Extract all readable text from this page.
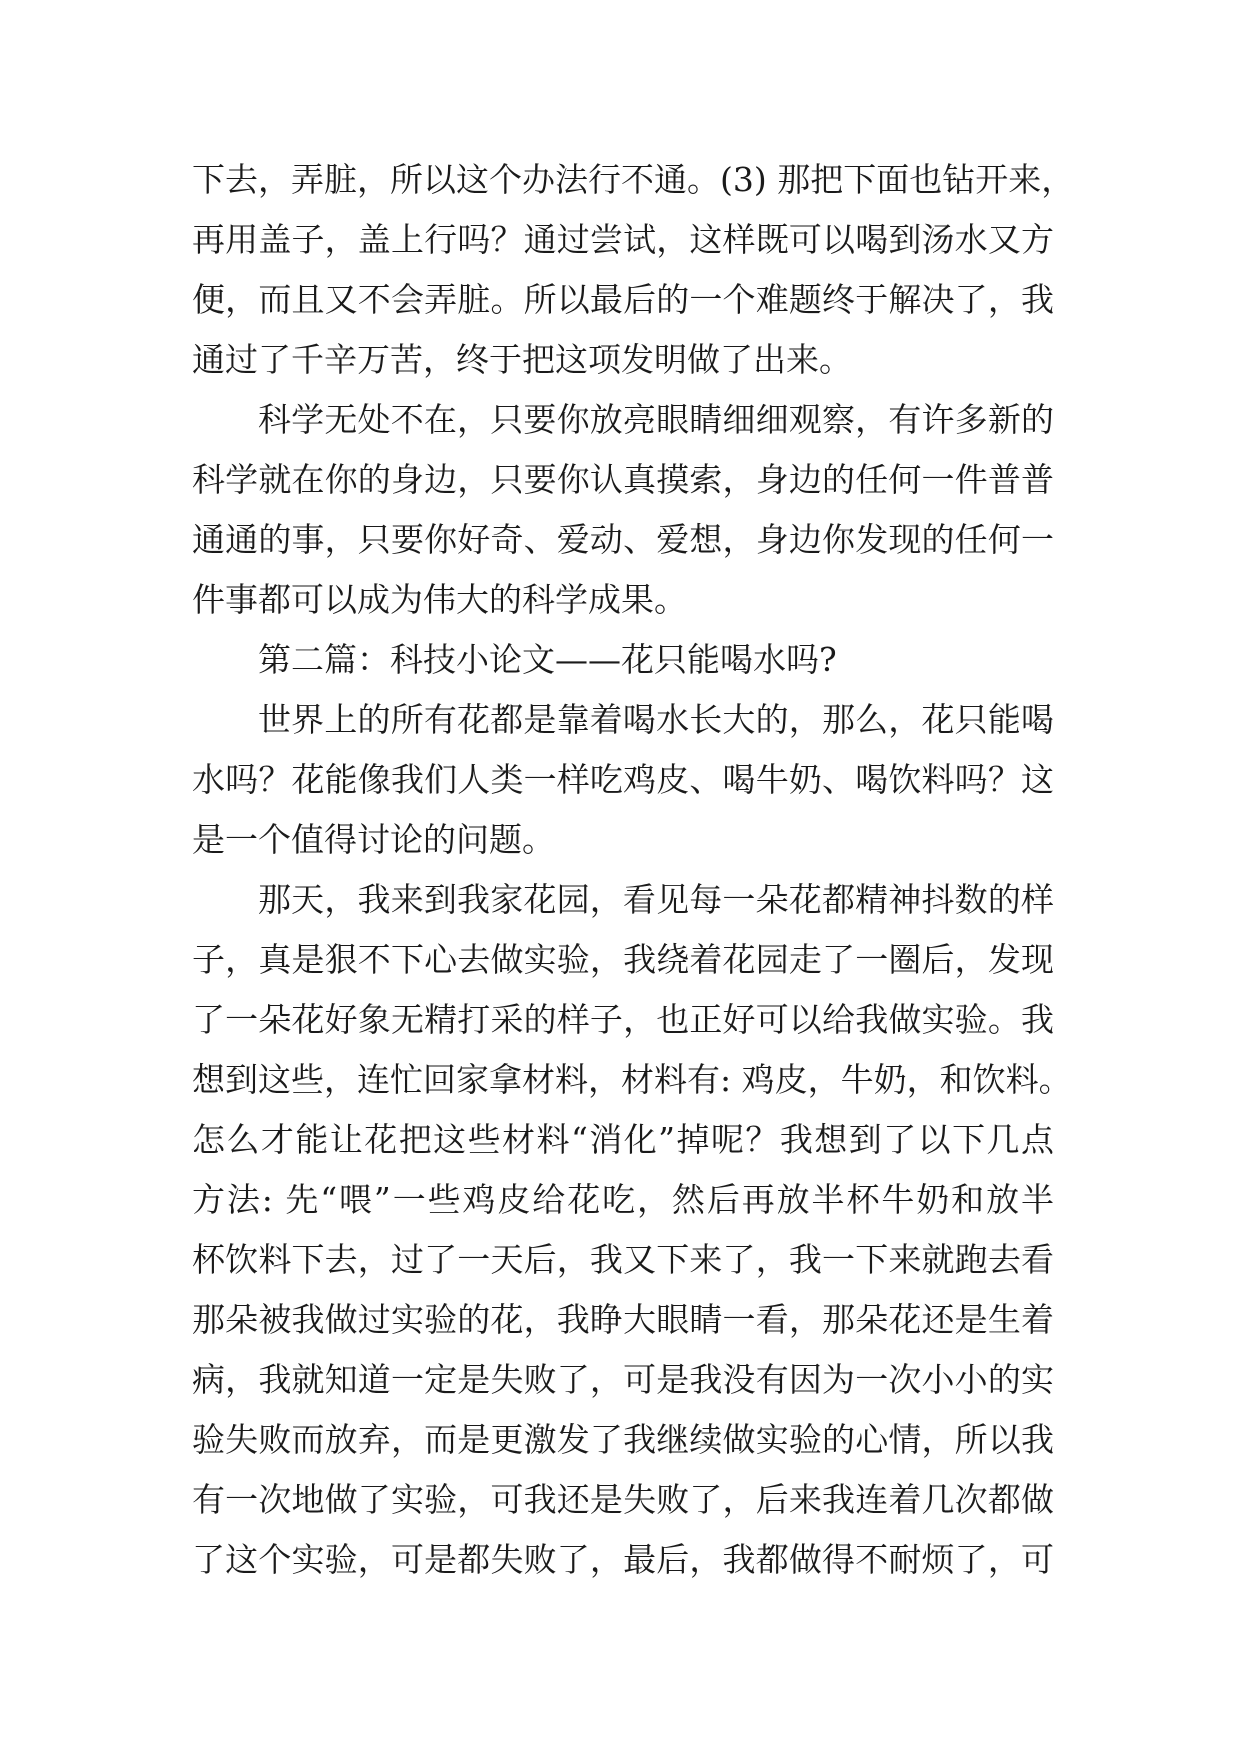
下去，弄脏，所以这个办法行不通。(3) 那把下面也钻开来，
再用盖子，盖上行吗？通过尝试，这样既可以喝到汤水又方
便，而且又不会弄脏。所以最后的一个难题终于解决了，我
通过了千辛万苦，终于把这项发明做了出来。
科学无处不在，只要你放亮眼睛细细观察，有许多新的
科学就在你的身边，只要你认真摸索，身边的任何一件普普
通通的事，只要你好奇、爱动、爱想，身边你发现的任何一
件事都可以成为伟大的科学成果。
第二篇：科技小论文——花只能喝水吗?
世界上的所有花都是靠着喝水长大的，那么，花只能喝
水吗？花能像我们人类一样吃鸡皮、喝牛奶、喝饮料吗？这
是一个值得讨论的问题。
那天，我来到我家花园，看见每一朵花都精神抖数的样
子，真是狠不下心去做实验，我绕着花园走了一圈后，发现
了一朵花好象无精打采的样子，也正好可以给我做实验。我
想到这些，连忙回家拿材料，材料有: 鸡皮，牛奶，和饮料。
怎么才能让花把这些材料“消化”掉呢？我想到了以下几点
方法: 先“喂”一些鸡皮给花吃，然后再放半杯牛奶和放半
杯饮料下去，过了一天后，我又下来了，我一下来就跑去看
那朵被我做过实验的花，我睁大眼睛一看，那朵花还是生着
病，我就知道一定是失败了，可是我没有因为一次小小的实
验失败而放弃，而是更激发了我继续做实验的心情，所以我
有一次地做了实验，可我还是失败了，后来我连着几次都做
了这个实验，可是都失败了，最后，我都做得不耐烦了，可
